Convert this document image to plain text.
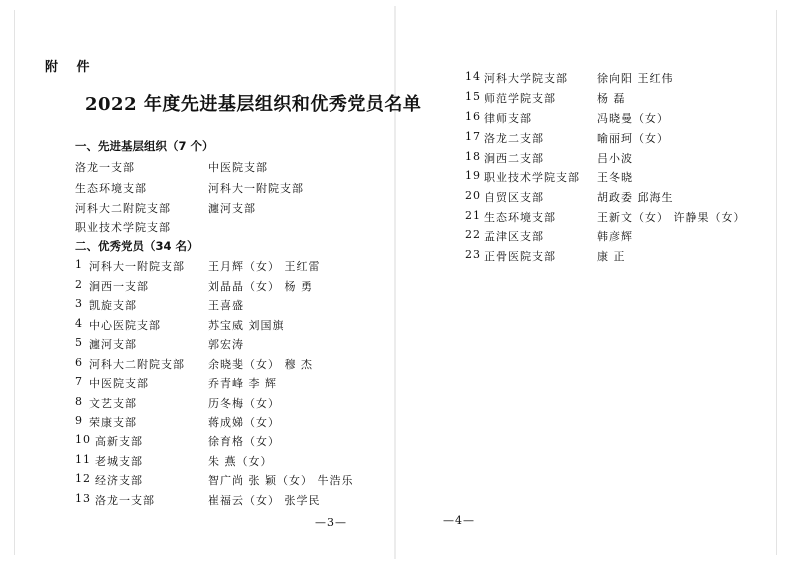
附 件
2022 年度先进基层组织和优秀党员名单
一、先进基层组织（7 个）
洛龙一支部	中医院支部
生态环境支部	河科大一附院支部
河科大二附院支部	瀍河支部
职业技术学院支部
二、优秀党员（34 名）
1 河科大一附院支部 王月辉（女） 王红雷
2 涧西一支部	刘晶晶（女） 杨 勇
3 凯旋支部	王喜盛
4 中心医院支部	苏宝威 刘国旗
5 瀍河支部	郭宏涛
6 河科大二附院支部 余晓斐（女） 穆 杰
7 中医院支部	乔青峰 李 辉
8 文艺支部	历冬梅（女）
9 荣康支部	蒋成娣（女）
10 高新支部	徐育格（女）
11 老城支部	朱 燕（女）
12 经济支部	智广尚 张 颖（女） 牛浩乐
13 洛龙一支部	崔福云（女） 张学民
—3—
14 河科大学院支部	徐向阳 王红伟
15 师范学院支部	杨 磊
16 律师支部	冯晓曼（女）
17 洛龙二支部	喻丽珂（女）
18 涧西二支部	吕小波
19 职业技术学院支部 王冬晓
20 自贸区支部	胡政委 邱海生
21 生态环境支部	王新文（女） 许静果（女）
22 孟津区支部	韩彦辉
23 正骨医院支部	康 正
—4—
